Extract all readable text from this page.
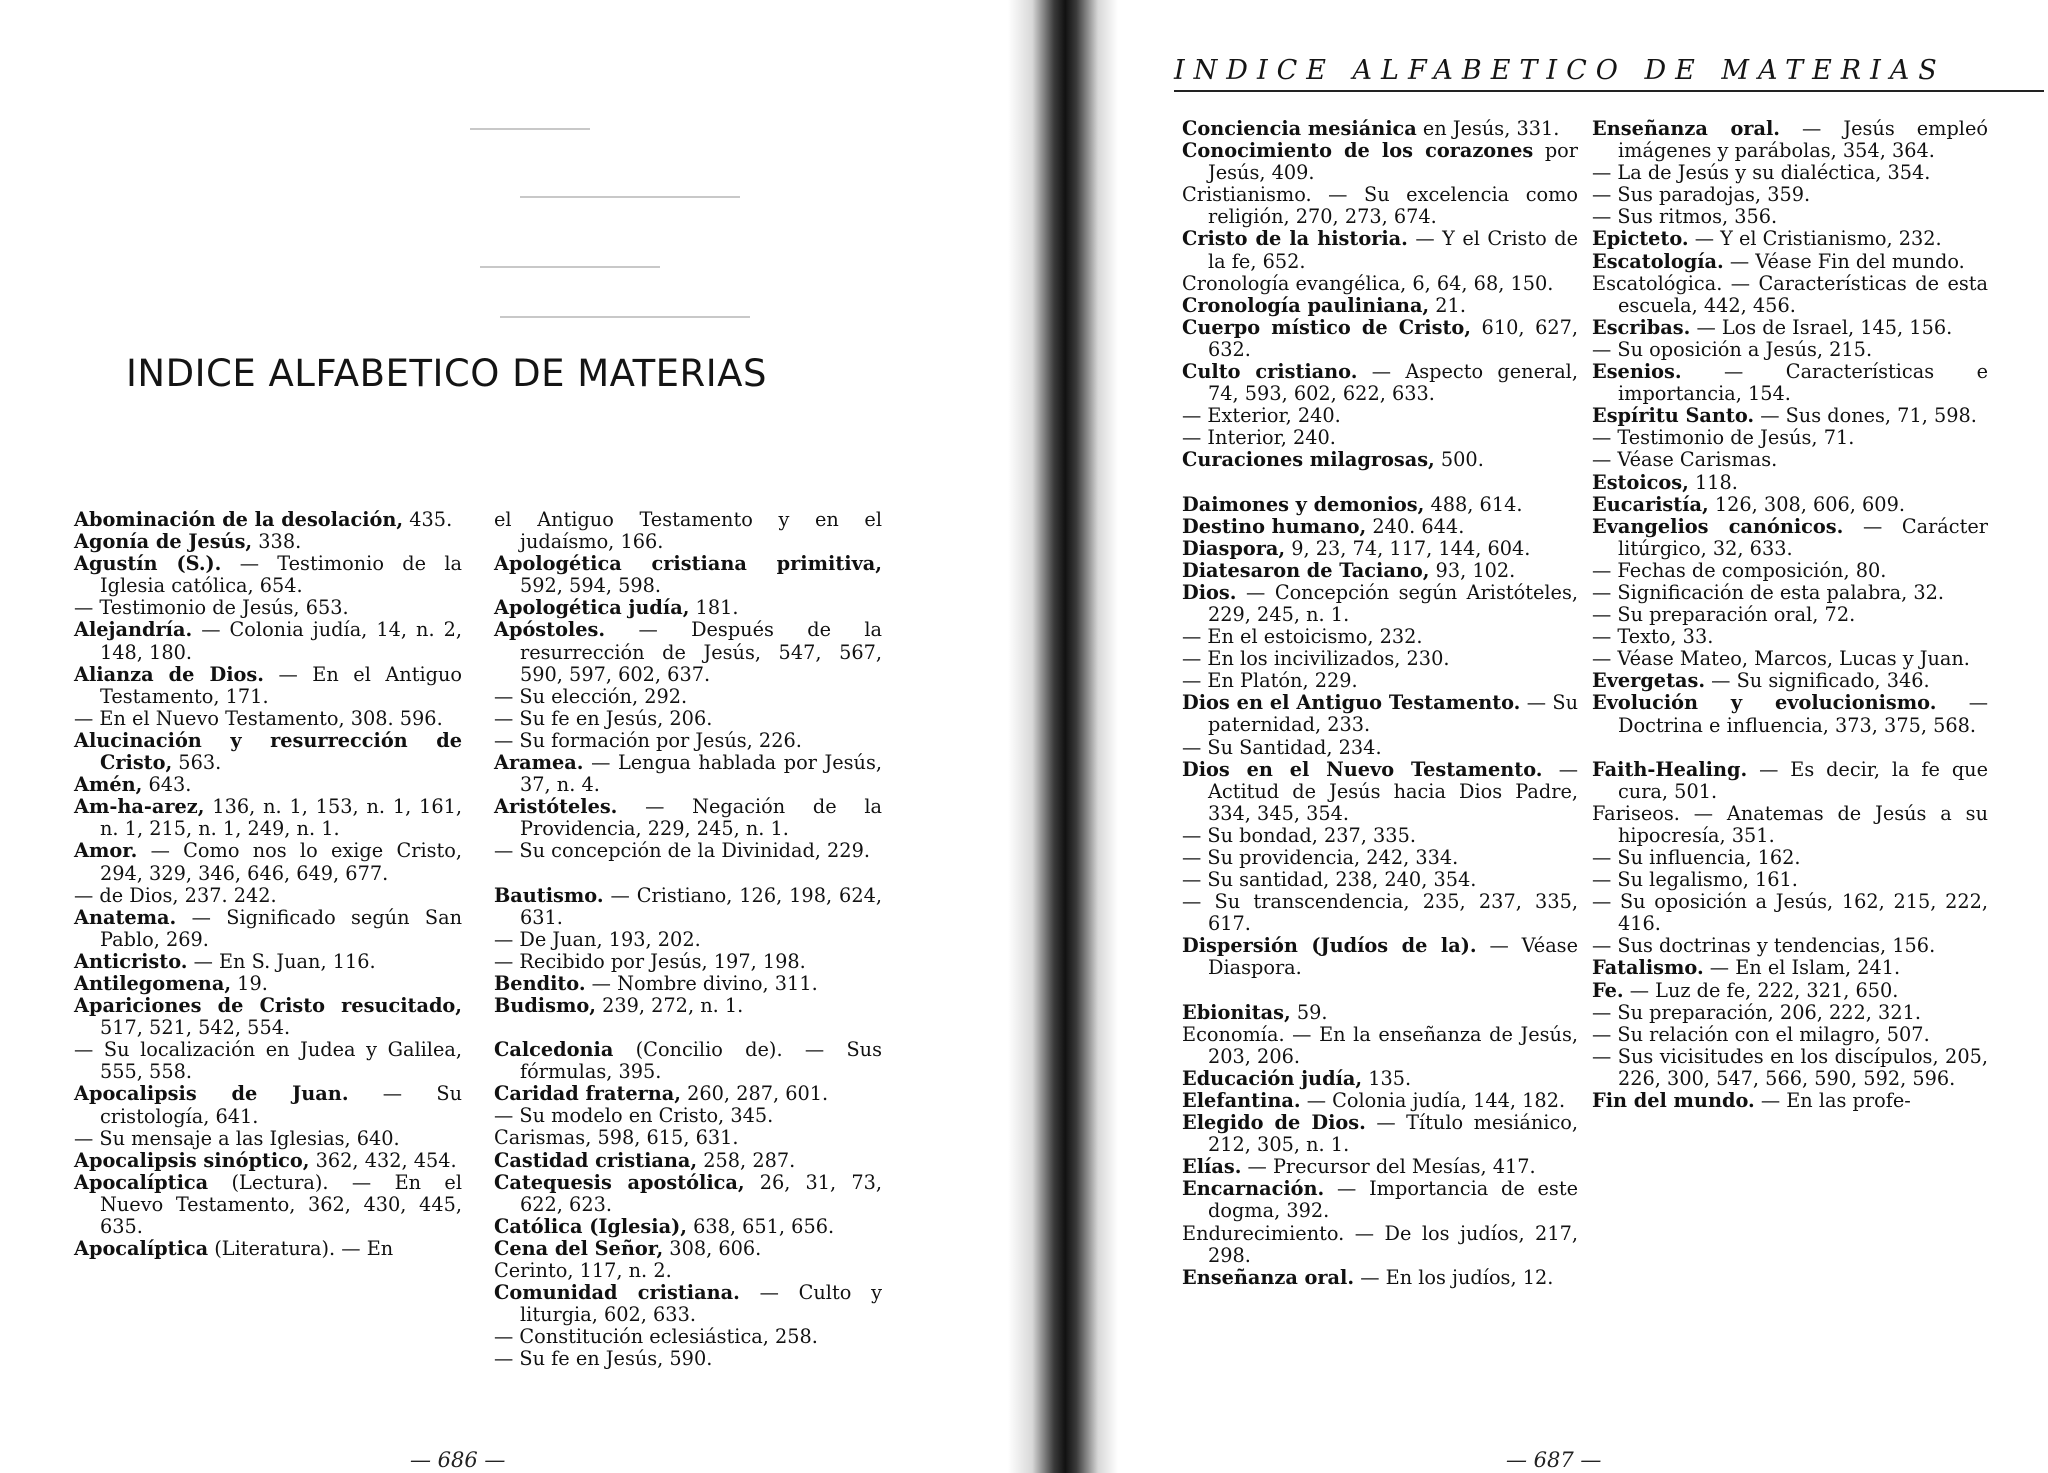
INDICE ALFABETICO DE MATERIAS

Abominación de la desolación, 435.

Agonía de Jesús, 338.

Agustín (S.). — Testimonio de la Iglesia católica, 654.

— Testimonio de Jesús, 653.

Alejandría. — Colonia judía, 14, n. 2, 148, 180.

Alianza de Dios. — En el Antiguo Testamento, 171.

— En el Nuevo Testamento, 308. 596.

Alucinación y resurrección de Cristo, 563.

Amén, 643.

Am-ha-arez, 136, n. 1, 153, n. 1, 161, n. 1, 215, n. 1, 249, n. 1.

Amor. — Como nos lo exige Cristo, 294, 329, 346, 646, 649, 677.

— de Dios, 237. 242.

Anatema. — Significado según San Pablo, 269.

Anticristo. — En S. Juan, 116.

Antilegomena, 19.

Apariciones de Cristo resucitado, 517, 521, 542, 554.

— Su localización en Judea y Galilea, 555, 558.

Apocalipsis de Juan. — Su cristología, 641.

— Su mensaje a las Iglesias, 640.

Apocalipsis sinóptico, 362, 432, 454.

Apocalíptica (Lectura). — En el Nuevo Testamento, 362, 430, 445, 635.

Apocalíptica (Literatura). — En

el Antiguo Testamento y en el judaísmo, 166.

Apologética cristiana primitiva, 592, 594, 598.

Apologética judía, 181.

Apóstoles. — Después de la resurrección de Jesús, 547, 567, 590, 597, 602, 637.

— Su elección, 292.

— Su fe en Jesús, 206.

— Su formación por Jesús, 226.

Aramea. — Lengua hablada por Jesús, 37, n. 4.

Aristóteles. — Negación de la Providencia, 229, 245, n. 1.

— Su concepción de la Divinidad, 229.

Bautismo. — Cristiano, 126, 198, 624, 631.

— De Juan, 193, 202.

— Recibido por Jesús, 197, 198.

Bendito. — Nombre divino, 311.

Budismo, 239, 272, n. 1.

Calcedonia (Concilio de). — Sus fórmulas, 395.

Caridad fraterna, 260, 287, 601.

— Su modelo en Cristo, 345.

Carismas, 598, 615, 631.

Castidad cristiana, 258, 287.

Catequesis apostólica, 26, 31, 73, 622, 623.

Católica (Iglesia), 638, 651, 656.

Cena del Señor, 308, 606.

Cerinto, 117, n. 2.

Comunidad cristiana. — Culto y liturgia, 602, 633.

— Constitución eclesiástica, 258.

— Su fe en Jesús, 590.

— 686 —
INDICE ALFABETICO DE MATERIAS

Conciencia mesiánica en Jesús, 331.

Conocimiento de los corazones por Jesús, 409.

Cristianismo. — Su excelencia como religión, 270, 273, 674.

Cristo de la historia. — Y el Cristo de la fe, 652.

Cronología evangélica, 6, 64, 68, 150.

Cronología pauliniana, 21.

Cuerpo místico de Cristo, 610, 627, 632.

Culto cristiano. — Aspecto general, 74, 593, 602, 622, 633.

— Exterior, 240.

— Interior, 240.

Curaciones milagrosas, 500.

Daimones y demonios, 488, 614.

Destino humano, 240. 644.

Diaspora, 9, 23, 74, 117, 144, 604.

Diatesaron de Taciano, 93, 102.

Dios. — Concepción según Aristóteles, 229, 245, n. 1.

— En el estoicismo, 232.

— En los incivilizados, 230.

— En Platón, 229.

Dios en el Antiguo Testamento. — Su paternidad, 233.

— Su Santidad, 234.

Dios en el Nuevo Testamento. — Actitud de Jesús hacia Dios Padre, 334, 345, 354.

— Su bondad, 237, 335.

— Su providencia, 242, 334.

— Su santidad, 238, 240, 354.

— Su transcendencia, 235, 237, 335, 617.

Dispersión (Judíos de la). — Véase Diaspora.

Ebionitas, 59.

Economía. — En la enseñanza de Jesús, 203, 206.

Educación judía, 135.

Elefantina. — Colonia judía, 144, 182.

Elegido de Dios. — Título mesiánico, 212, 305, n. 1.

Elías. — Precursor del Mesías, 417.

Encarnación. — Importancia de este dogma, 392.

Endurecimiento. — De los judíos, 217, 298.

Enseñanza oral. — En los judíos, 12.

Enseñanza oral. — Jesús empleó imágenes y parábolas, 354, 364.

— La de Jesús y su dialéctica, 354.

— Sus paradojas, 359.

— Sus ritmos, 356.

Epicteto. — Y el Cristianismo, 232.

Escatología. — Véase Fin del mundo.

Escatológica. — Características de esta escuela, 442, 456.

Escribas. — Los de Israel, 145, 156.

— Su oposición a Jesús, 215.

Esenios. — Características e importancia, 154.

Espíritu Santo. — Sus dones, 71, 598.

— Testimonio de Jesús, 71.

— Véase Carismas.

Estoicos, 118.

Eucaristía, 126, 308, 606, 609.

Evangelios canónicos. — Carácter litúrgico, 32, 633.

— Fechas de composición, 80.

— Significación de esta palabra, 32.

— Su preparación oral, 72.

— Texto, 33.

— Véase Mateo, Marcos, Lucas y Juan.

Evergetas. — Su significado, 346.

Evolución y evolucionismo. — Doctrina e influencia, 373, 375, 568.

Faith-Healing. — Es decir, la fe que cura, 501.

Fariseos. — Anatemas de Jesús a su hipocresía, 351.

— Su influencia, 162.

— Su legalismo, 161.

— Su oposición a Jesús, 162, 215, 222, 416.

— Sus doctrinas y tendencias, 156.

Fatalismo. — En el Islam, 241.

Fe. — Luz de fe, 222, 321, 650.

— Su preparación, 206, 222, 321.

— Su relación con el milagro, 507.

— Sus vicisitudes en los discípulos, 205, 226, 300, 547, 566, 590, 592, 596.

Fin del mundo. — En las profe-

— 687 —
